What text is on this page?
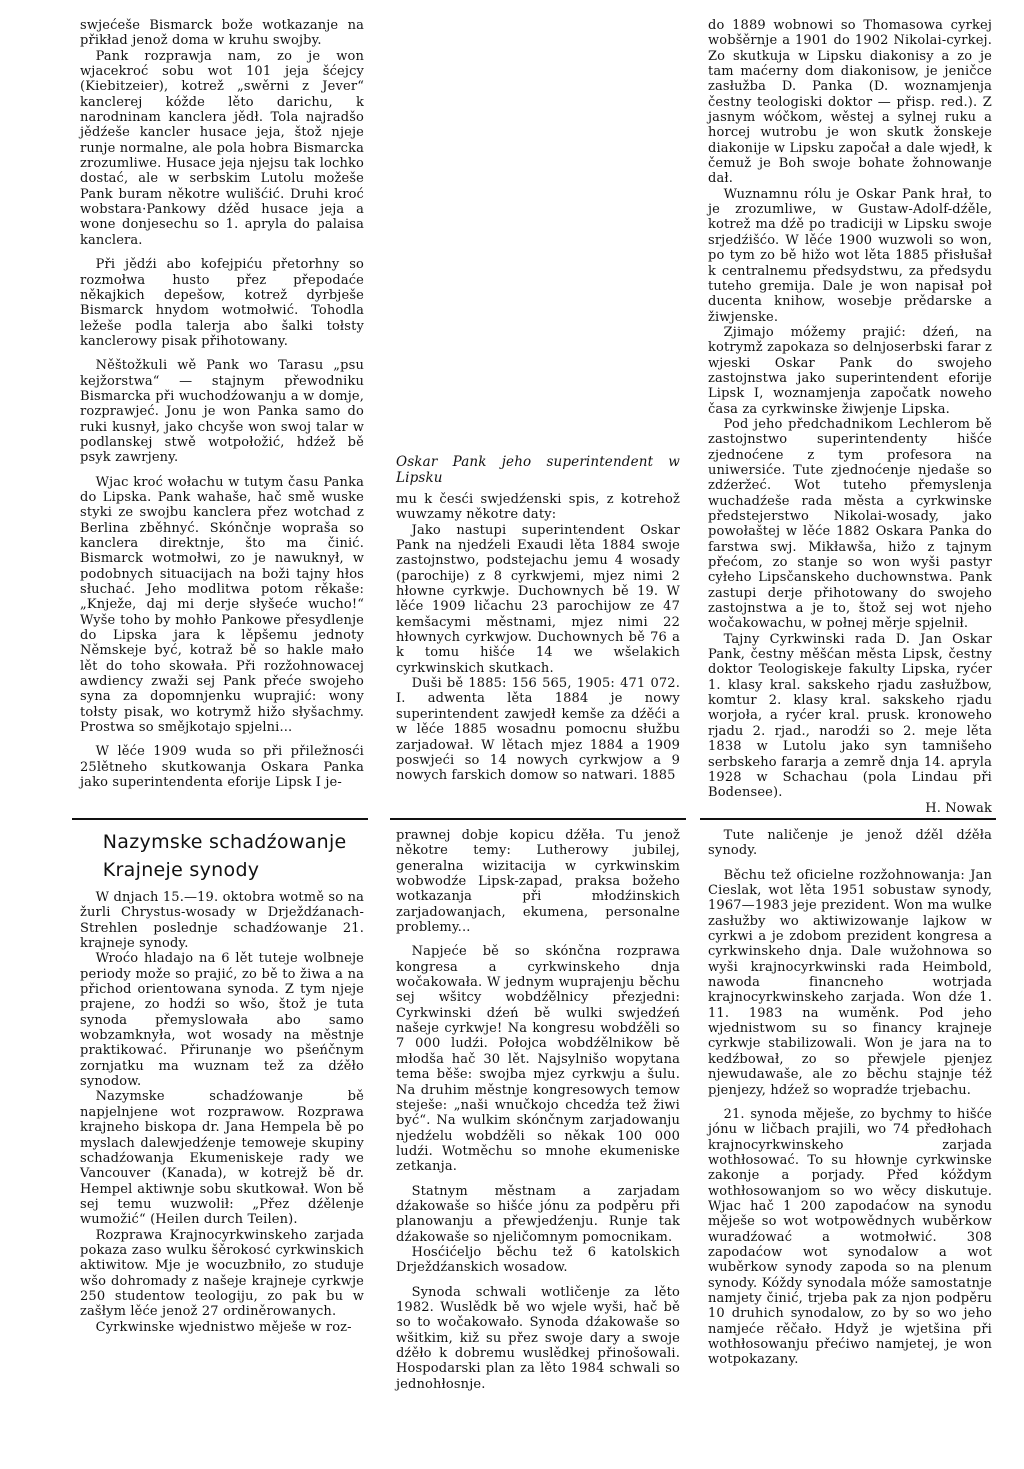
swjećeše Bismarck bože wotkazanje na přikład jenož doma w kruhu swojby.

Pank rozprawja nam, zo je won wjacekroć sobu wot 101 jeja šćejcy (Kiebitzeier), kotrež „swěrni z Jever“ kanclerej kóžde lěto darichu, k narodninam kanclera jědł. Tola najradšo jědźeše kancler husace jeja, štož njeje runje normalne, ale pola hobra Bismarcka zrozumliwe. Husace jeja njejsu tak lochko dostać, ale w serbskim Lutolu možeše Pank buram někotre wulišćić. Druhi kroć wobstara·Pankowy dźěd husace jeja a wone donjesechu so 1. apryla do palaisa kanclera.

Při jědźi abo kofejpiću přetorhny so rozmołwa husto přez přepodaće někajkich depešow, kotrež dyrbješe Bismarck hnydom wotmołwić. Tohodla ležeše podla talerja abo šalki tołsty kanclerowy pisak přihotowany.

Něštožkuli wě Pank wo Tarasu „psu kejžorstwa“ — stajnym přewodniku Bismarcka při wuchodźowanju a w domje, rozprawjeć. Jonu je won Panka samo do ruki kusnył, jako chcyše won swoj talar w podlanskej stwě wotpołožić, hdźež bě psyk zawrjeny.

Wjac kroć wołachu w tutym času Panka do Lipska. Pank wahaše, hač smě wuske styki ze swojbu kanclera přez wotchad z Berlina zběhnyć. Skónčnje wopraša so kanclera direktnje, što ma činić. Bismarck wotmołwi, zo je nawuknył, w podobnych situacijach na boži tajny hłos słuchać. Jeho modlitwa potom rěkaše: „Knježe, daj mi derje słyšeće wucho!“ Wyše toho by mohło Pankowe přesydlenje do Lipska jara k lěpšemu jednoty Němskeje być, kotraž bě so hakle mało lět do toho skowała. Při rozžohnowacej awdiency zwaži sej Pank přeće swojeho syna za dopomnjenku wuprajić: wony tołsty pisak, wo kotrymž hižo słyšachmy. Prostwa so smějkotajo spjelni...

W lěće 1909 wuda so při přiležnosći 25lětneho skutkowanja Oskara Panka jako superintendenta eforije Lipsk I je-

Oskar Pank jeho superintendent w Lipsku

mu k česći swjedźenski spis, z kotrehož wuwzamy někotre daty:

Jako nastupi superintendent Oskar Pank na njedźeli Exaudi lěta 1884 swoje zastojnstwo, podstejachu jemu 4 wosady (parochije) z 8 cyrkwjemi, mjez nimi 2 hłowne cyrkwje. Duchownych bě 19. W lěće 1909 ličachu 23 parochijow ze 47 kemšacymi městnami, mjez nimi 22 hłownych cyrkwjow. Duchownych bě 76 a k tomu hišće 14 we wšelakich cyrkwinskich skutkach.

Duši bě 1885: 156 565, 1905: 471 072. I. adwenta lěta 1884 je nowy superintendent zawjedł kemše za dźěći a w lěće 1885 wosadnu pomocnu słužbu zarjadował. W lětach mjez 1884 a 1909 poswjeći so 14 nowych cyrkwjow a 9 nowych farskich domow so natwari. 1885

do 1889 wobnowi so Thomasowa cyrkej wobšěrnje a 1901 do 1902 Nikolai-cyrkej. Zo skutkuja w Lipsku diakonisy a zo je tam maćerny dom diakonisow, je jeničce zasłužba D. Panka (D. woznamjenja čestny teologiski doktor — přisp. red.). Z jasnym wóčkom, wěstej a sylnej ruku a horcej wutrobu je won skutk žonskeje diakonije w Lipsku započał a dale wjedł, k čemuž je Boh swoje bohate žohnowanje dał.

Wuznamnu rólu je Oskar Pank hrał, to je zrozumliwe, w Gustaw-Adolf-dźěle, kotrež ma dźě po tradiciji w Lipsku swoje srjedźišćo. W lěće 1900 wuzwoli so won, po tym zo bě hižo wot lěta 1885 přisłušał k centralnemu předsydstwu, za předsydu tuteho gremija. Dale je won napisał poł ducenta knihow, wosebje prědarske a žiwjenske.

Zjimajo móžemy prajić: dźeń, na kotrymž zapokaza so delnjoserbski farar z wjeski Oskar Pank do swojeho zastojnstwa jako superintendent eforije Lipsk I, woznamjenja započatk noweho časa za cyrkwinske žiwjenje Lipska.

Pod jeho předchadnikom Lechlerom bě zastojnstwo superintendenty hišće zjednoćene z tym profesora na uniwersiće. Tute zjednoćenje njedaše so zdźeržeć. Wot tuteho přemyslenja wuchadźeše rada města a cyrkwinske předstejerstwo Nikolai-wosady, jako powołaštej w lěće 1882 Oskara Panka do farstwa swj. Mikławša, hižo z tajnym přećom, zo stanje so won wyši pastyr cyłeho Lipsčanskeho duchownstwa. Pank zastupi derje přihotowany do swojeho zastojnstwa a je to, štož sej wot njeho wočakowachu, w połnej měrje spjelnił.

Tajny Cyrkwinski rada D. Jan Oskar Pank, čestny měšćan města Lipsk, čestny doktor Teologiskeje fakulty Lipska, ryćer 1. klasy kral. sakskeho rjadu zasłužbow, komtur 2. klasy kral. sakskeho rjadu worjoła, a ryćer kral. prusk. kronoweho rjadu 2. rjad., narodźi so 2. meje lěta 1838 w Lutolu jako syn tamnišeho serbskeho fararja a zemrě dnja 14. apryla 1928 w Schachau (pola Lindau při Bodensee).

H. Nowak

Nazymske schadźowanje

Krajneje synody

W dnjach 15.—19. oktobra wotmě so na žurli Chrystus-wosady w Drježdźanach-Strehlen poslednje schadźowanje 21. krajneje synody.

Wroćo hladajo na 6 lět tuteje wolbneje periody može so prajić, zo bě to žiwa a na přichod orientowana synoda. Z tym njeje prajene, zo hodźi so wšo, štož je tuta synoda přemyslowała abo samo wobzamknyła, wot wosady na městnje praktikować. Přirunanje wo pšeńčnym zornjatku ma wuznam tež za dźěło synodow.

Nazymske schadźowanje bě napjelnjene wot rozprawow. Rozprawa krajneho biskopa dr. Jana Hempela bě po myslach dalewjedźenje temoweje skupiny schadźowanja Ekumeniskeje rady we Vancouver (Kanada), w kotrejž bě dr. Hempel aktiwnje sobu skutkował. Won bě sej temu wuzwolił: „Přez dźělenje wumožić“ (Heilen durch Teilen).

Rozprawa Krajnocyrkwinskeho zarjada pokaza zaso wulku šěrokosć cyrkwinskich aktiwitow. Mje je wocuzbniło, zo studuje wšo dohromady z našeje krajneje cyrkwje 250 studentow teologiju, zo pak bu w zašłym lěće jenož 27 ordiněrowanych.

Cyrkwinske wjednistwo měješe w roz-

prawnej dobje kopicu dźěła. Tu jenož někotre temy: Lutherowy jubilej, generalna wizitacija w cyrkwinskim wobwodźe Lipsk-zapad, praksa božeho wotkazanja při młodźinskich zarjadowanjach, ekumena, personalne problemy...

Napjeće bě so skónčna rozprawa kongresa a cyrkwinskeho dnja wočakowała. W jednym wuprajenju běchu sej wšitcy wobdźělnicy přezjedni: Cyrkwinski dźeń bě wulki swjedźeń našeje cyrkwje! Na kongresu wobdźěli so 7 000 ludźi. Połojca wobdźělnikow bě młodša hač 30 lět. Najsylnišo wopytana tema běše: swojba mjez cyrkwju a šulu. Na druhim městnje kongresowych temow steješe: „naši wnučkojo chcedźa tež žiwi być“. Na wulkim skónčnym zarjadowanju njedźelu wobdźěli so někak 100 000 ludźi. Wotměchu so mnohe ekumeniske zetkanja.

Statnym městnam a zarjadam dźakowaše so hišće jónu za podpěru při planowanju a přewjedźenju. Runje tak dźakowaše so njeličomnym pomocnikam.

Hosćićeljo běchu tež 6 katolskich Drježdźanskich wosadow.

Synoda schwali wotličenje za lěto 1982. Wuslědk bě wo wjele wyši, hač bě so to wočakowało. Synoda dźakowaše so wšitkim, kiž su přez swoje dary a swoje dźěło k dobremu wuslědkej přinošowali. Hospodarski plan za lěto 1984 schwali so jednohłosnje.

Tute naličenje je jenož dźěl dźěła synody.

Běchu tež oficielne rozžohnowanja: Jan Cieslak, wot lěta 1951 sobustaw synody, 1967—1983 jeje prezident. Won ma wulke zasłužby wo aktiwizowanje lajkow w cyrkwi a je zdobom prezident kongresa a cyrkwinskeho dnja. Dale wužohnowa so wyši krajnocyrkwinski rada Heimbold, nawoda financneho wotrjada krajnocyrkwinskeho zarjada. Won dźe 1. 11. 1983 na wuměnk. Pod jeho wjednistwom su so financy krajneje cyrkwje stabilizowali. Won je jara na to kedźbował, zo so přewjele pjenjez njewudawaše, ale zo běchu stajnje též pjenjezy, hdźež so wopradźe trjebachu.

21. synoda měješe, zo bychmy to hišće jónu w ličbach prajili, wo 74 předłohach krajnocyrkwinskeho zarjada wothłosować. To su hłownje cyrkwinske zakonje a porjady. Před kóždym wothłosowanjom so wo wěcy diskutuje. Wjac hač 1 200 zapodaćow na synodu měješe so wot wotpowědnych wuběrkow wuradźować a wotmołwić. 308 zapodaćow wot synodalow a wot wuběrkow synody zapoda so na plenum synody. Kóždy synodala móže samostatnje namjety činić, trjeba pak za njon podpěru 10 druhich synodalow, zo by so wo jeho namjeće rěčało. Hdyž je wjetšina při wothłosowanju přećiwo namjetej, je won wotpokazany.
